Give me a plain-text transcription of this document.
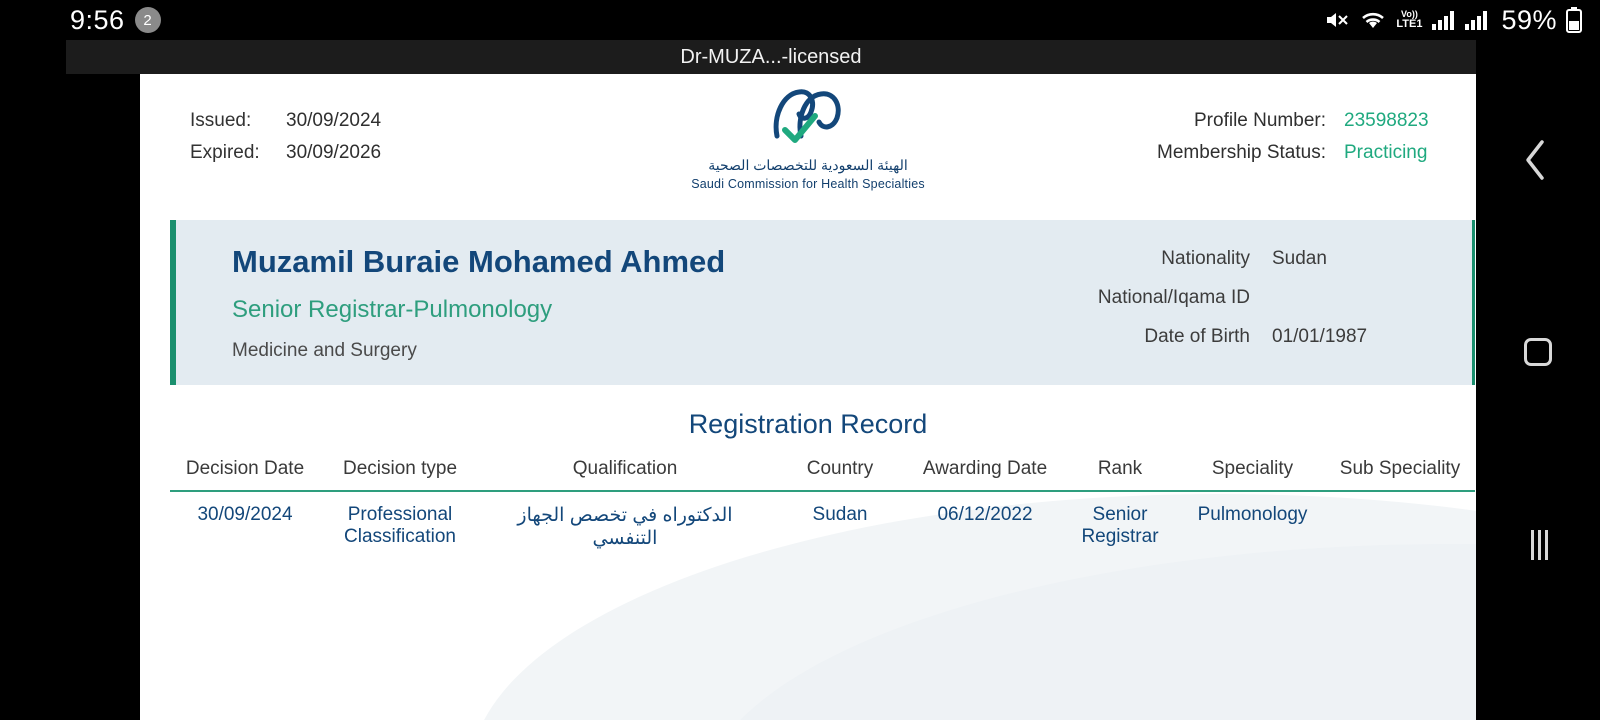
9:56	2	Vo))
LTE1	59%
Dr-MUZA...-licensed
Issued:	30/09/2024
Expired:	30/09/2026
الهيئة السعودية للتخصصات الصحية
Saudi Commission for Health Specialties
Profile Number: 23598823
Membership Status: Practicing
Muzamil Buraie Mohamed Ahmed
Senior Registrar-Pulmonology
Medicine and Surgery
Nationality Sudan
National/Iqama ID
Date of Birth 01/01/1987
Registration Record
Decision Date	Decision type	Qualification	Country	Awarding Date	Rank	Speciality	Sub Speciality
30/09/2024	Professional Classification	الدكتوراه في تخصص الجهاز التنفسي	Sudan	06/12/2022	Senior Registrar	Pulmonology	
